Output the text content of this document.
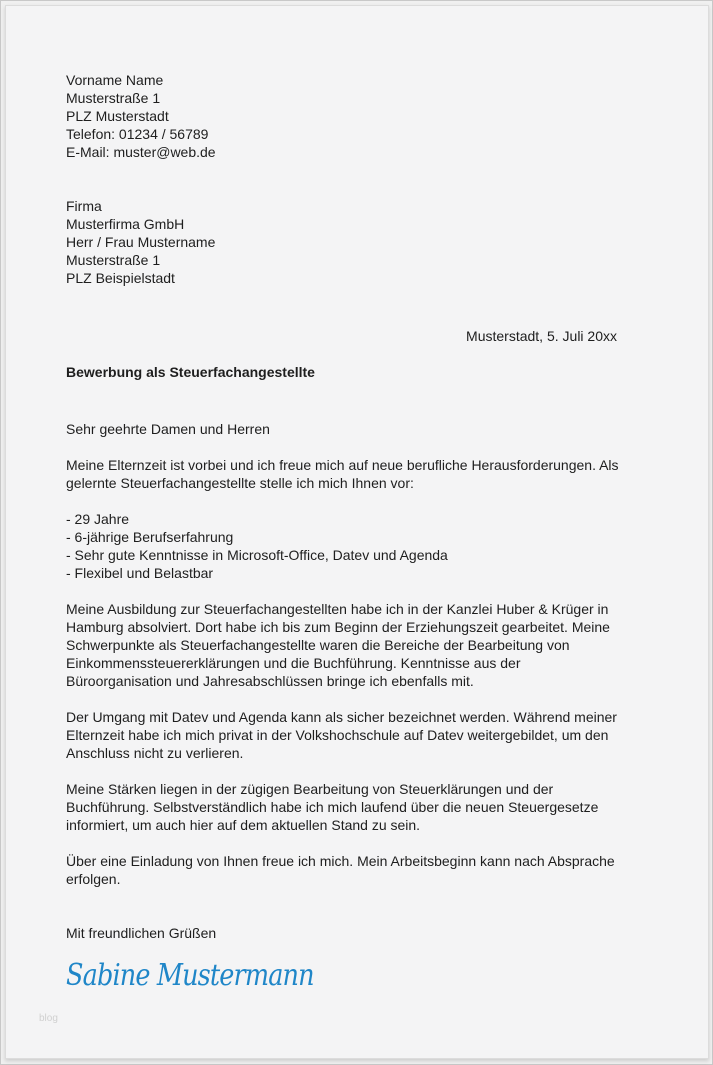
Vorname Name
Musterstraße 1
PLZ Musterstadt
Telefon: 01234 / 56789
E-Mail: muster@web.de
Firma
Musterfirma GmbH
Herr / Frau Mustername
Musterstraße 1
PLZ Beispielstadt
Musterstadt, 5. Juli 20xx
Bewerbung als Steuerfachangestellte
Sehr geehrte Damen und Herren
Meine Elternzeit ist vorbei und ich freue mich auf neue berufliche Herausforderungen. Als
gelernte Steuerfachangestellte stelle ich mich Ihnen vor:
- 29 Jahre
- 6-jährige Berufserfahrung
- Sehr gute Kenntnisse in Microsoft-Office, Datev und Agenda
- Flexibel und Belastbar
Meine Ausbildung zur Steuerfachangestellten habe ich in der Kanzlei Huber & Krüger in
Hamburg absolviert. Dort habe ich bis zum Beginn der Erziehungszeit gearbeitet. Meine
Schwerpunkte als Steuerfachangestellte waren die Bereiche der Bearbeitung von
Einkommenssteuererklärungen und die Buchführung. Kenntnisse aus der
Büroorganisation und Jahresabschlüssen bringe ich ebenfalls mit.
Der Umgang mit Datev und Agenda kann als sicher bezeichnet werden. Während meiner
Elternzeit habe ich mich privat in der Volkshochschule auf Datev weitergebildet, um den
Anschluss nicht zu verlieren.
Meine Stärken liegen in der zügigen Bearbeitung von Steuerklärungen und der
Buchführung. Selbstverständlich habe ich mich laufend über die neuen Steuergesetze
informiert, um auch hier auf dem aktuellen Stand zu sein.
Über eine Einladung von Ihnen freue ich mich. Mein Arbeitsbeginn kann nach Absprache
erfolgen.
Mit freundlichen Grüßen
Sabine Mustermann
blog
